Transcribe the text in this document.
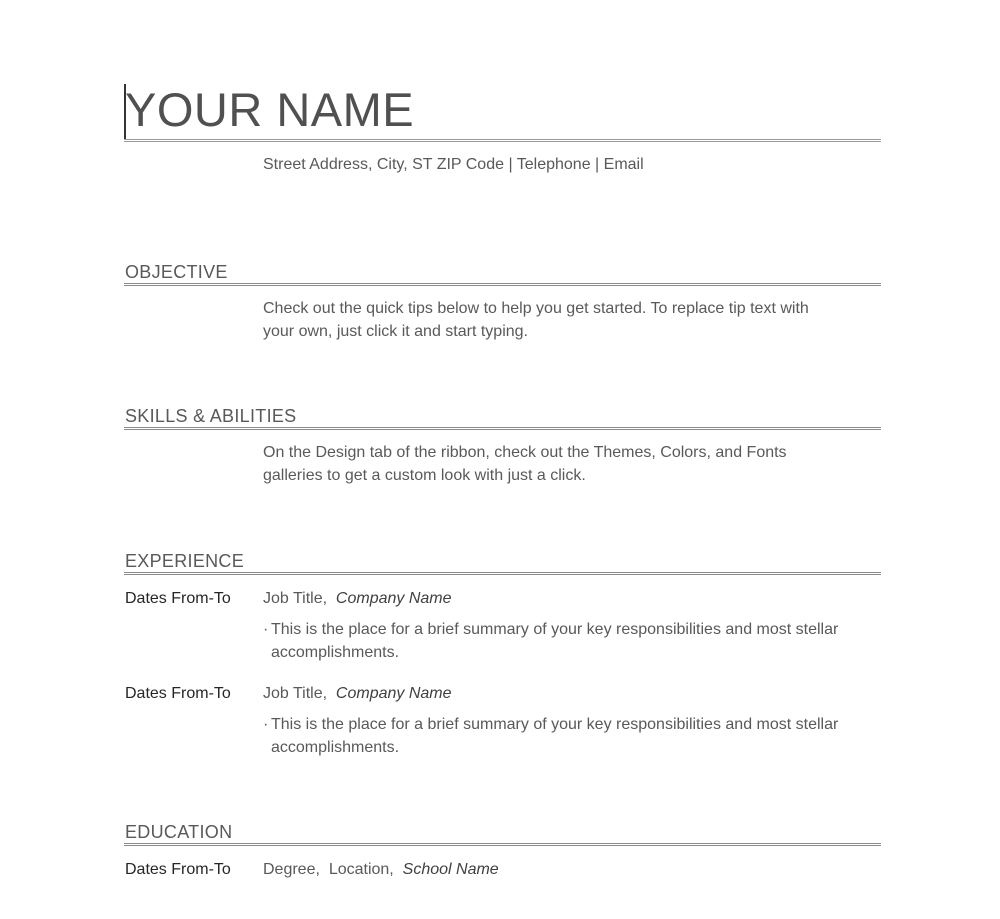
YOUR NAME
Street Address, City, ST ZIP Code | Telephone | Email
OBJECTIVE
Check out the quick tips below to help you get started. To replace tip text with your own, just click it and start typing.
SKILLS & ABILITIES
On the Design tab of the ribbon, check out the Themes, Colors, and Fonts galleries to get a custom look with just a click.
EXPERIENCE
Dates From-To Job Title, Company Name
· This is the place for a brief summary of your key responsibilities and most stellar accomplishments.
Dates From-To Job Title, Company Name
· This is the place for a brief summary of your key responsibilities and most stellar accomplishments.
EDUCATION
Dates From-To Degree, Location, School Name
